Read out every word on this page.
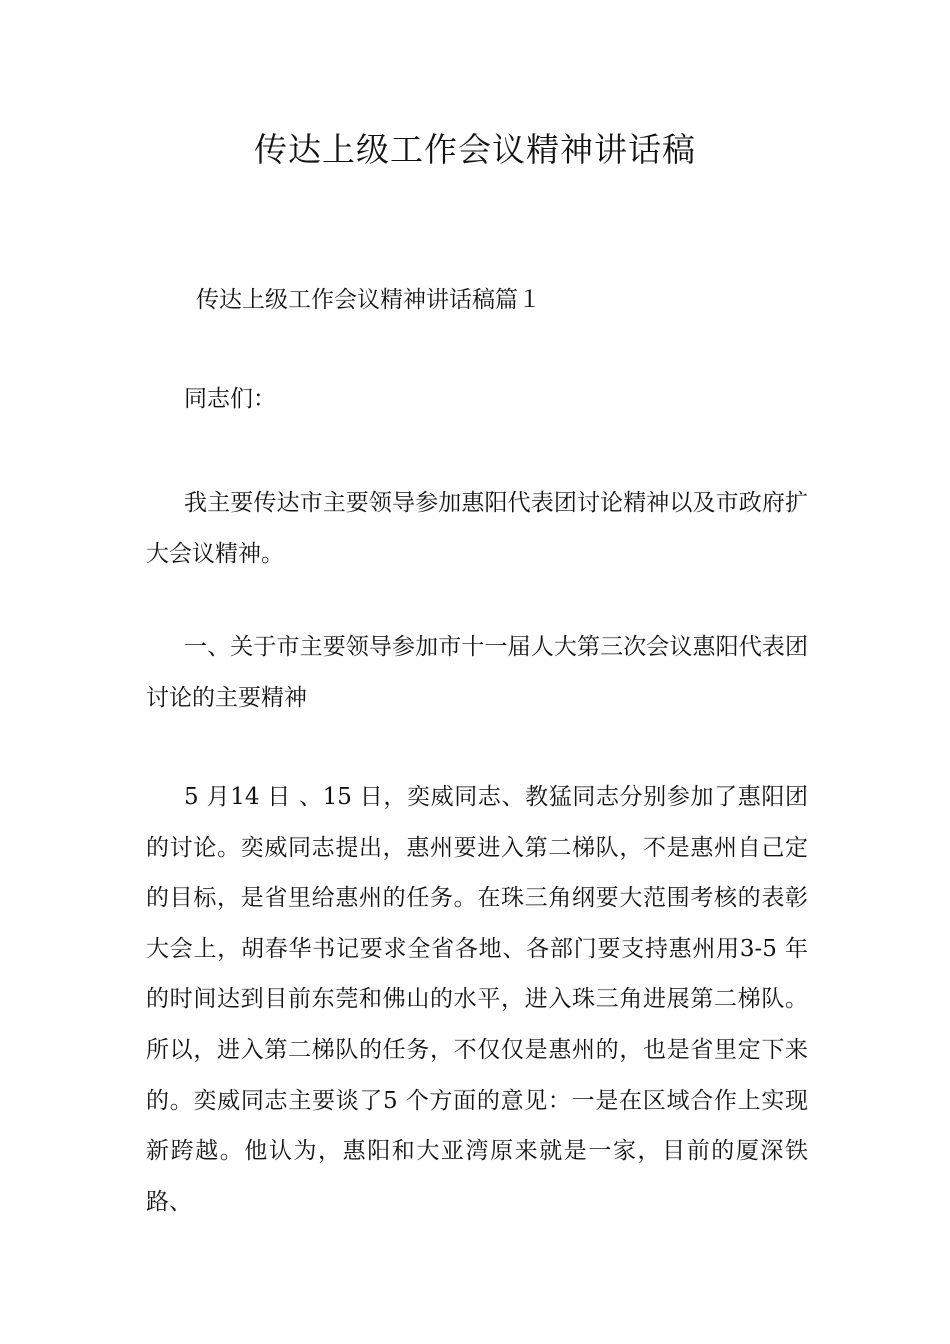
传达上级工作会议精神讲话稿
传达上级工作会议精神讲话稿篇１
同志们：

我主要传达市主要领导参加惠阳代表团讨论精神以及市政府扩大会议精神。

一、关于市主要领导参加市十一届人大第三次会议惠阳代表团讨论的主要精神

5 月14 日 、15 日，奕威同志、教猛同志分别参加了惠阳团的讨论。奕威同志提出，惠州要进入第二梯队，不是惠州自己定的目标，是省里给惠州的任务。在珠三角纲要大范围考核的表彰大会上，胡春华书记要求全省各地、各部门要支持惠州用3-5 年的时间达到目前东莞和佛山的水平，进入珠三角进展第二梯队。所以，进入第二梯队的任务，不仅仅是惠州的，也是省里定下来的。奕威同志主要谈了5 个方面的意见：一是在区域合作上实现新跨越。他认为，惠阳和大亚湾原来就是一家，目前的厦深铁路、
